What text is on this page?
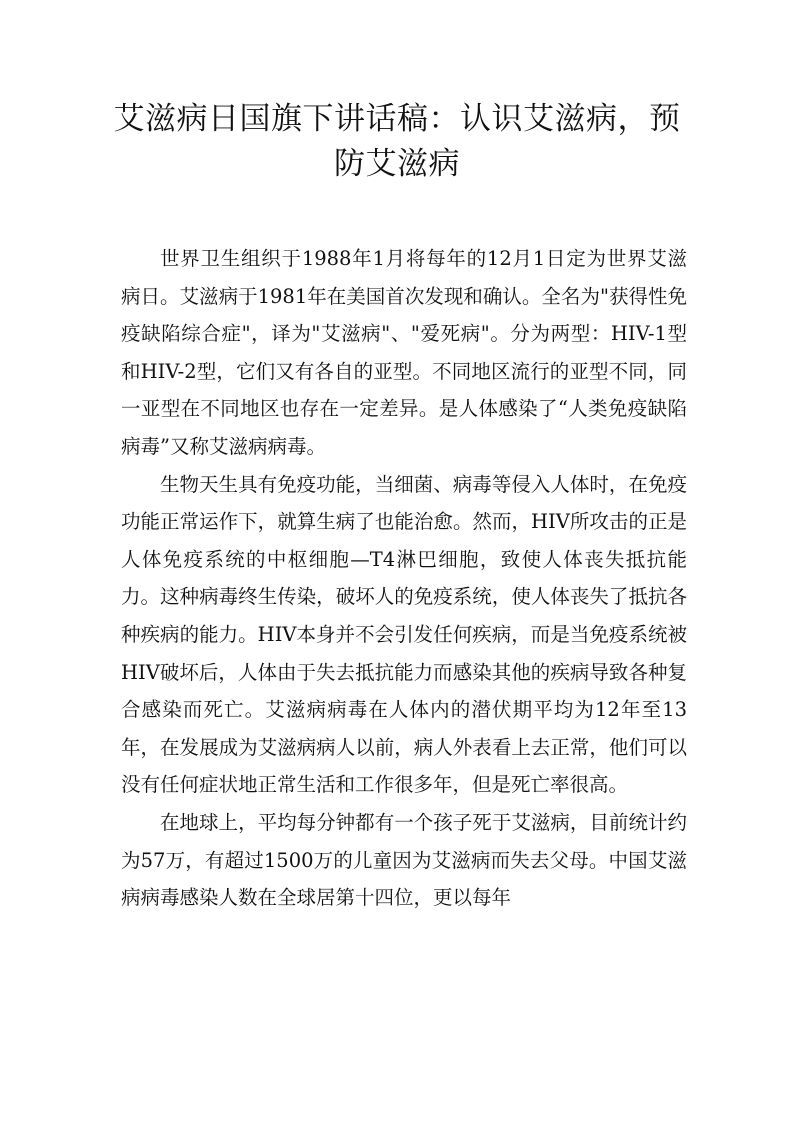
艾滋病日国旗下讲话稿：认识艾滋病，预防艾滋病

世界卫生组织于1988年1月将每年的12月1日定为世界艾滋病日。艾滋病于1981年在美国首次发现和确认。全名为"获得性免疫缺陷综合症"，译为"艾滋病"、"爱死病"。分为两型：HIV-1型和HIV-2型，它们又有各自的亚型。不同地区流行的亚型不同，同一亚型在不同地区也存在一定差异。是人体感染了“人类免疫缺陷病毒”又称艾滋病病毒。

生物天生具有免疫功能，当细菌、病毒等侵入人体时，在免疫功能正常运作下，就算生病了也能治愈。然而，HIV所攻击的正是人体免疫系统的中枢细胞—T4淋巴细胞，致使人体丧失抵抗能力。这种病毒终生传染，破坏人的免疫系统，使人体丧失了抵抗各种疾病的能力。HIV本身并不会引发任何疾病，而是当免疫系统被HIV破坏后，人体由于失去抵抗能力而感染其他的疾病导致各种复合感染而死亡。艾滋病病毒在人体内的潜伏期平均为12年至13年，在发展成为艾滋病病人以前，病人外表看上去正常，他们可以没有任何症状地正常生活和工作很多年，但是死亡率很高。

在地球上，平均每分钟都有一个孩子死于艾滋病，目前统计约为57万，有超过1500万的儿童因为艾滋病而失去父母。中国艾滋病病毒感染人数在全球居第十四位，更以每年
